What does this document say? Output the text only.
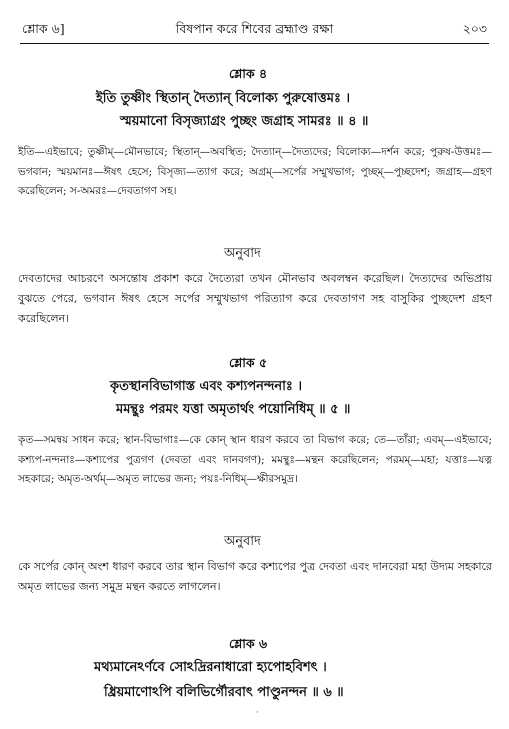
শ্লোক ৬]	বিষপান করে শিবের ব্রহ্মাণ্ড রক্ষা	২০৩
শ্লোক ৪
ইতি তুষ্ণীং স্থিতান্ দৈত্যান্ বিলোক্য পুরুষোত্তমঃ ।
স্ময়মানো বিসৃজ্যাগ্রং পুচ্ছং জগ্রাহ সামরঃ ॥ ৪ ॥
ইতি—এইভাবে; তুষ্ণীম্—মৌনভাবে; স্থিতান্—অবস্থিত; দৈত্যান্—দৈত্যদের; বিলোক্য—দর্শন করে; পুরুষ-উত্তমঃ—ভগবান; স্ময়মানঃ—ঈষৎ হেসে; বিসৃজ্য—ত্যাগ করে; অগ্রম্—সর্পের সম্মুখভাগ; পুচ্ছম্—পুচ্ছদেশ; জগ্রাহ—গ্রহণ করেছিলেন; স-অমরঃ—দেবতাগণ সহ।
অনুবাদ
দেবতাদের আচরণে অসন্তোষ প্রকাশ করে দৈত্যেরা তখন মৌনভাব অবলম্বন করেছিল। দৈত্যদের অভিপ্রায় বুঝতে পেরে, ভগবান ঈষৎ হেসে সর্পের সম্মুখভাগ পরিত্যাগ করে দেবতাগণ সহ বাসুকির পুচ্ছদেশ গ্রহণ করেছিলেন।
শ্লোক ৫
কৃতস্থানবিভাগাস্ত এবং কশ্যপনন্দনাঃ ।
মমন্থুঃ পরমং যত্তা অমৃতার্থং পয়োনিধিম্ ॥ ৫ ॥
কৃত—সমন্বয় সাধন করে; স্থান-বিভাগাঃ—কে কোন্ স্থান ধারণ করবে তা বিভাগ করে; তে—তাঁরা; এবম্—এইভাবে; কশ্যপ-নন্দনাঃ—কশ্যপের পুত্রগণ (দেবতা এবং দানবগণ); মমন্থুঃ—মন্থন করেছিলেন; পরমম্—মহা; যত্তাঃ—যত্ন সহকারে; অমৃত-অর্থম্—অমৃত লাভের জন্য; পয়ঃ-নিধিম্—ক্ষীরসমুদ্র।
অনুবাদ
কে সর্পের কোন্ অংশ ধারণ করবে তার স্থান বিভাগ করে কশ্যপের পুত্র দেবতা এবং দানবেরা মহা উদ্যম সহকারে অমৃত লাভের জন্য সমুদ্র মন্থন করতে লাগলেন।
শ্লোক ৬
মথ্যমানেঽর্ণবে সোঽদ্রিরনাধারো হ্যপোহবিশৎ ।
ধ্রিয়মাণোঽপি বলিভির্গৌরবাৎ পাণ্ডুনন্দন ॥ ৬ ॥
·
